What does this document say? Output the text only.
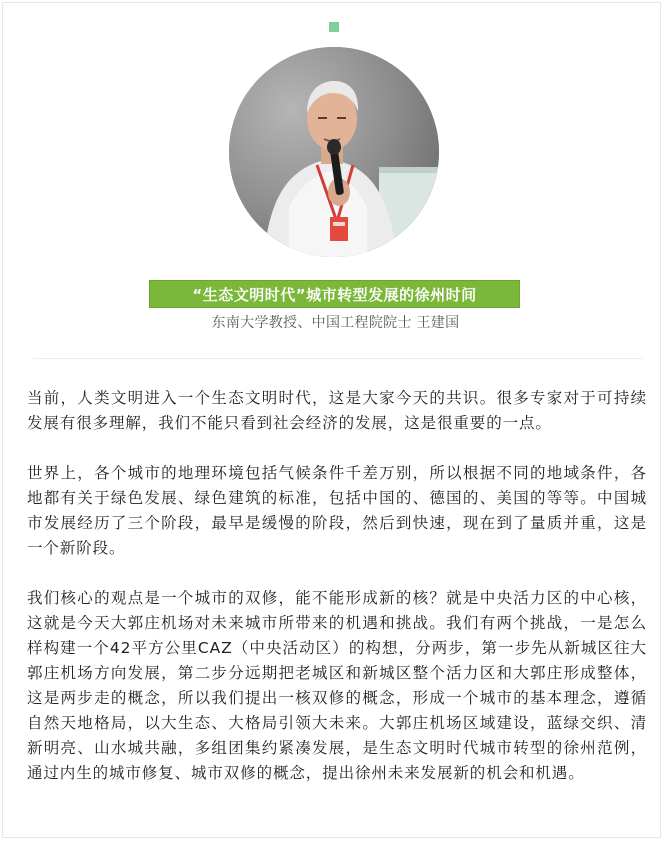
“生态文明时代”城市转型发展的徐州时间
东南大学教授、中国工程院院士 王建国

当前，人类文明进入一个生态文明时代，这是大家今天的共识。很多专家对于可持续发展有很多理解，我们不能只看到社会经济的发展，这是很重要的一点。

世界上，各个城市的地理环境包括气候条件千差万别，所以根据不同的地域条件，各地都有关于绿色发展、绿色建筑的标准，包括中国的、德国的、美国的等等。中国城市发展经历了三个阶段，最早是缓慢的阶段，然后到快速，现在到了量质并重，这是一个新阶段。

我们核心的观点是一个城市的双修，能不能形成新的核？就是中央活力区的中心核，这就是今天大郭庄机场对未来城市所带来的机遇和挑战。我们有两个挑战，一是怎么样构建一个42平方公里CAZ（中央活动区）的构想，分两步，第一步先从新城区往大郭庄机场方向发展，第二步分远期把老城区和新城区整个活力区和大郭庄形成整体，这是两步走的概念，所以我们提出一核双修的概念，形成一个城市的基本理念，遵循自然天地格局，以大生态、大格局引领大未来。大郭庄机场区域建设，蓝绿交织、清新明亮、山水城共融，多组团集约紧凑发展，是生态文明时代城市转型的徐州范例，通过内生的城市修复、城市双修的概念，提出徐州未来发展新的机会和机遇。
